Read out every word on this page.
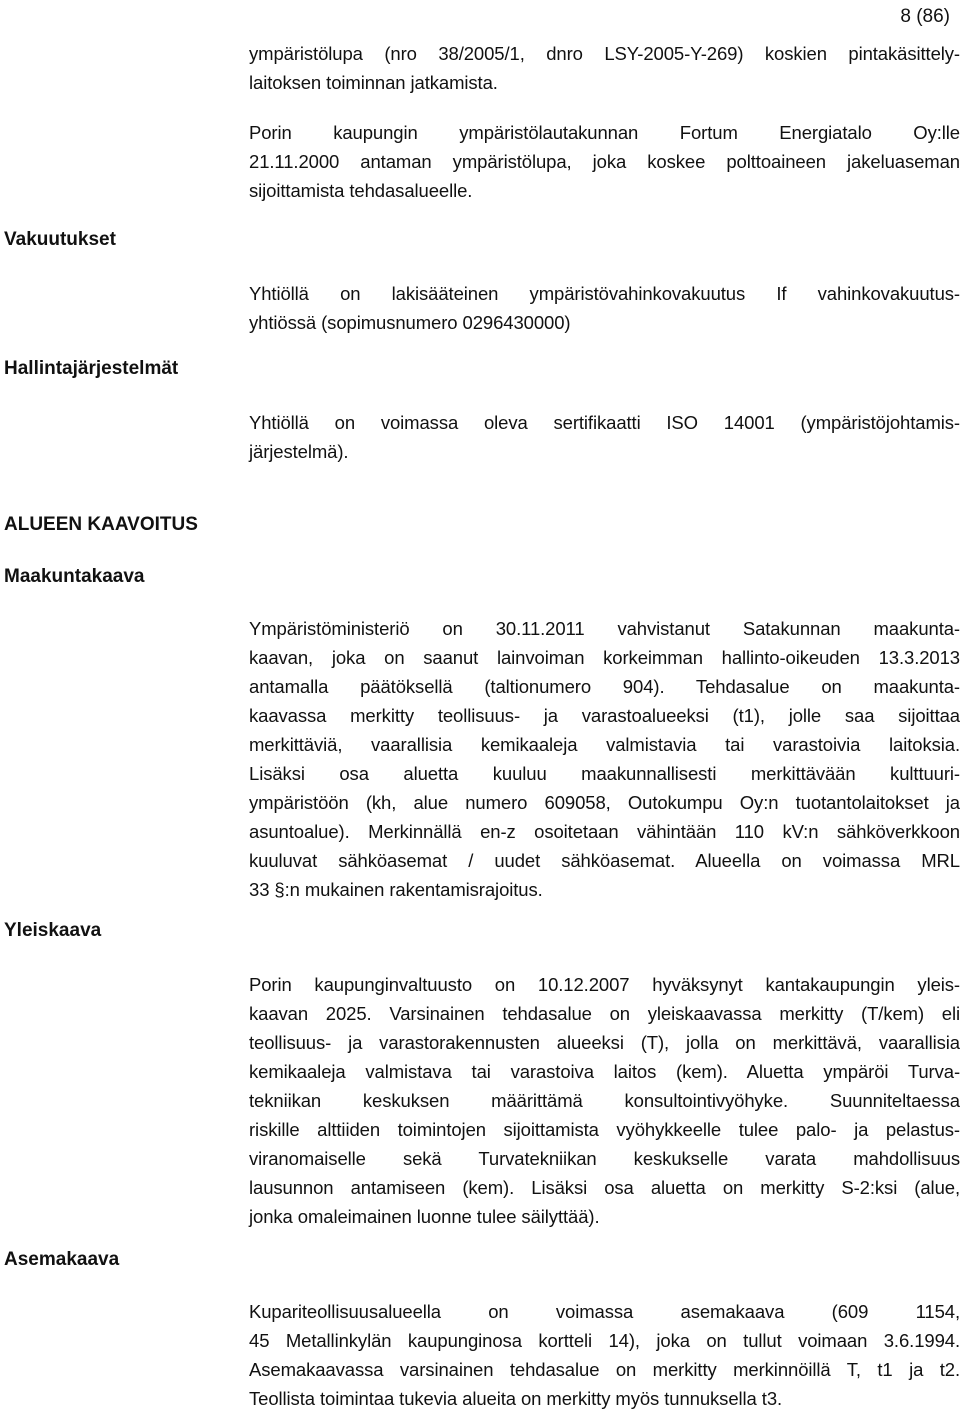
8 (86)
Vakuutukset
Hallintajärjestelmät
ALUEEN KAAVOITUS
Maakuntakaava
Yleiskaava
Asemakaava
ympäristölupa (nro 38/2005/1, dnro LSY-2005-Y-269) koskien pintakäsittely-
laitoksen toiminnan jatkamista.
Porin kaupungin ympäristölautakunnan Fortum Energiatalo Oy:lle
21.11.2000 antaman ympäristölupa, joka koskee polttoaineen jakeluaseman
sijoittamista tehdasalueelle.
Yhtiöllä on lakisääteinen ympäristövahinkovakuutus If vahinkovakuutus-
yhtiössä (sopimusnumero 0296430000)
Yhtiöllä on voimassa oleva sertifikaatti ISO 14001 (ympäristöjohtamis-
järjestelmä).
Ympäristöministeriö on 30.11.2011 vahvistanut Satakunnan maakunta-
kaavan, joka on saanut lainvoiman korkeimman hallinto-oikeuden 13.3.2013
antamalla päätöksellä (taltionumero 904). Tehdasalue on maakunta-
kaavassa merkitty teollisuus- ja varastoalueeksi (t1), jolle saa sijoittaa
merkittäviä, vaarallisia kemikaaleja valmistavia tai varastoivia laitoksia.
Lisäksi osa aluetta kuuluu maakunnallisesti merkittävään kulttuuri-
ympäristöön (kh, alue numero 609058, Outokumpu Oy:n tuotantolaitokset ja
asuntoalue). Merkinnällä en-z osoitetaan vähintään 110 kV:n sähköverkkoon
kuuluvat sähköasemat / uudet sähköasemat. Alueella on voimassa MRL
33 §:n mukainen rakentamisrajoitus.
Porin kaupunginvaltuusto on 10.12.2007 hyväksynyt kantakaupungin yleis-
kaavan 2025. Varsinainen tehdasalue on yleiskaavassa merkitty (T/kem) eli
teollisuus- ja varastorakennusten alueeksi (T), jolla on merkittävä, vaarallisia
kemikaaleja valmistava tai varastoiva laitos (kem). Aluetta ympäröi Turva-
tekniikan keskuksen määrittämä konsultointivyöhyke. Suunniteltaessa
riskille alttiiden toimintojen sijoittamista vyöhykkeelle tulee palo- ja pelastus-
viranomaiselle sekä Turvatekniikan keskukselle varata mahdollisuus
lausunnon antamiseen (kem). Lisäksi osa aluetta on merkitty S-2:ksi (alue,
jonka omaleimainen luonne tulee säilyttää).
Kupariteollisuusalueella on voimassa asemakaava (609 1154,
45 Metallinkylän kaupunginosa kortteli 14), joka on tullut voimaan 3.6.1994.
Asemakaavassa varsinainen tehdasalue on merkitty merkinnöillä T, t1 ja t2.
Teollista toimintaa tukevia alueita on merkitty myös tunnuksella t3.
